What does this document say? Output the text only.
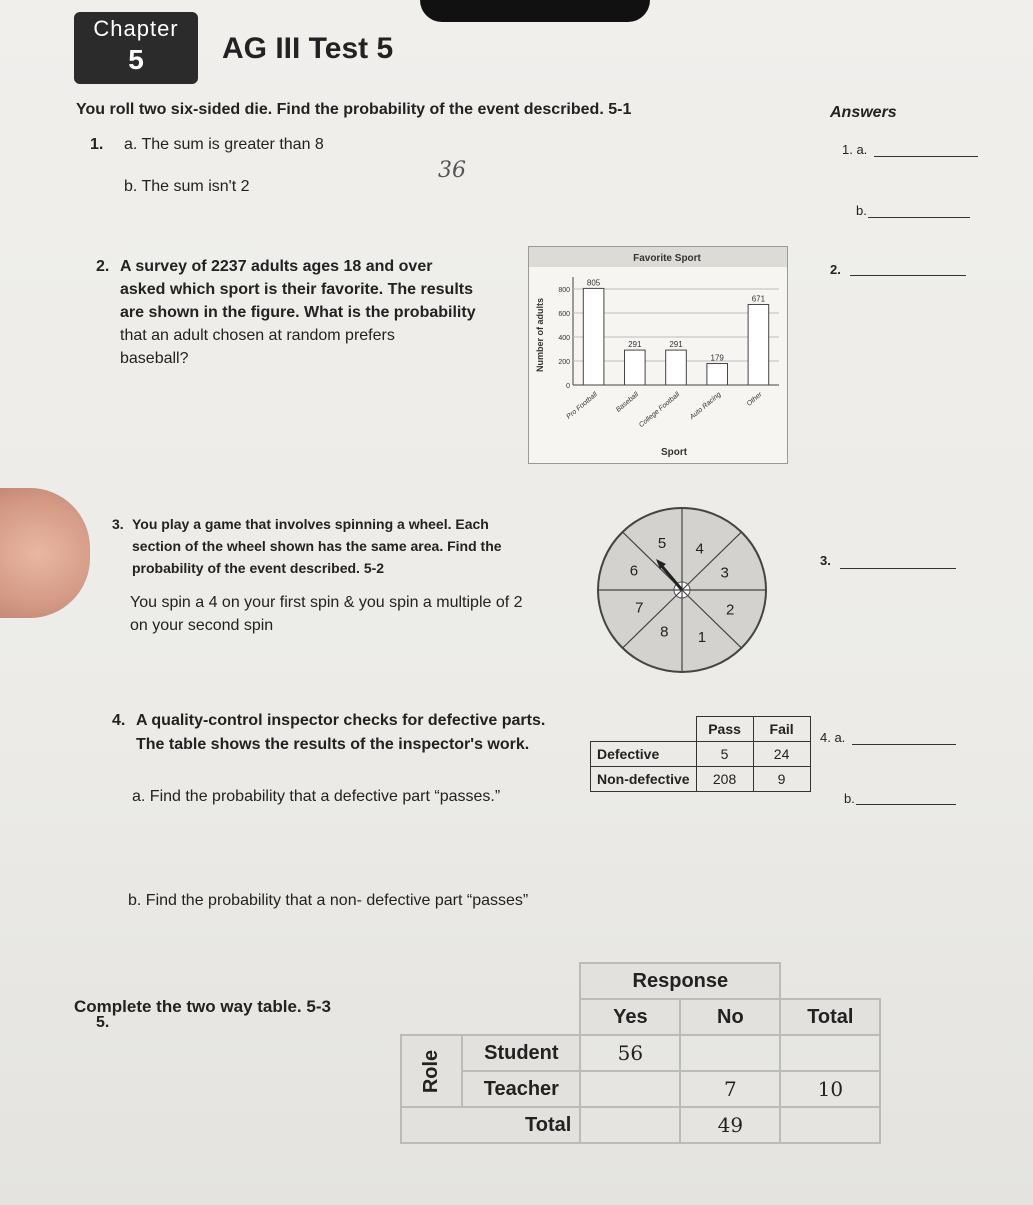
Chapter
5	AG III Test 5
You roll two six-sided die. Find the probability of the event described. 5-1	Answers
1. a. The sum is greater than 8
b. The sum isn't 2
36
1. a.
b.
2.
3.
4. a.
b.
2. A survey of 2237 adults ages 18 and over
asked which sport is their favorite. The results
are shown in the figure. What is the probability
that an adult chosen at random prefers
baseball?
Favorite Sport
Sport
Number of adults
0
200
400
600
800
805
Pro Football
291
Baseball
291
College Football
179
Auto Racing
671
Other
3. You play a game that involves spinning a wheel. Each
section of the wheel shown has the same area. Find the
probability of the event described. 5-2
You spin a 4 on your first spin & you spin a multiple of 2
on your second spin
4
3
2
1
8
7
6
5
4. A quality-control inspector checks for defective parts.
The table shows the results of the inspector's work.
a. Find the probability that a defective part “passes.”
b. Find the probability that a non- defective part “passes”
	Pass	Fail
Defective	5	24
Non-defective	208	9
Complete the two way table. 5-3
5.
		Response		
		Yes	No	Total
Role	Student	56		
	Teacher		7	10
Total			49	
